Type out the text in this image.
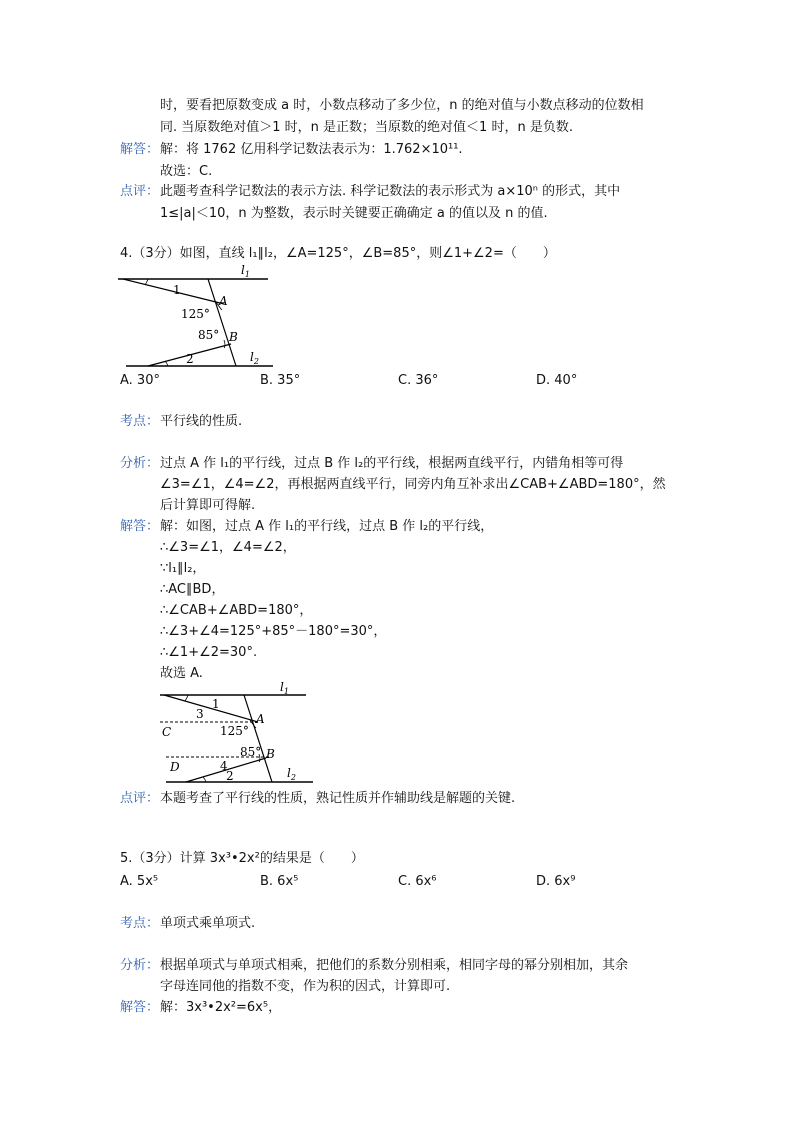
时，要看把原数变成 a 时，小数点移动了多少位，n 的绝对值与小数点移动的位数相
同. 当原数绝对值＞1 时，n 是正数；当原数的绝对值＜1 时，n 是负数.
解答： 解：将 1762 亿用科学记数法表示为：1.762×10¹¹.
故选：C.
点评： 此题考查科学记数法的表示方法. 科学记数法的表示形式为 a×10ⁿ 的形式，其中
1≤|a|＜10，n 为整数，表示时关键要正确确定 a 的值以及 n 的值.
4.（3分）如图，直线 l₁∥l₂，∠A=125°，∠B=85°，则∠1+∠2=（　　）
$l_1$
$l_2$
1
2
A
B
125°
85°
A. 30°	B. 35°	C. 36°	D. 40°
考点： 平行线的性质.
分析： 过点 A 作 l₁的平行线，过点 B 作 l₂的平行线，根据两直线平行，内错角相等可得
∠3=∠1，∠4=∠2，再根据两直线平行，同旁内角互补求出∠CAB+∠ABD=180°，然
后计算即可得解.
解答： 解：如图，过点 A 作 l₁的平行线，过点 B 作 l₂的平行线，
∴∠3=∠1，∠4=∠2，
∵l₁∥l₂，
∴AC∥BD，
∴∠CAB+∠ABD=180°，
∴∠3+∠4=125°+85°－180°=30°，
∴∠1+∠2=30°.
故选 A.
$l_1$
$l_2$
1
3
4
2
A
B
C
D
125°
85°
点评： 本题考查了平行线的性质，熟记性质并作辅助线是解题的关键.
5.（3分）计算 3x³•2x²的结果是（　　）
A. 5x⁵	B. 6x⁵	C. 6x⁶	D. 6x⁹
考点： 单项式乘单项式.
分析： 根据单项式与单项式相乘，把他们的系数分别相乘，相同字母的幂分别相加，其余
字母连同他的指数不变，作为积的因式，计算即可.
解答： 解：3x³•2x²=6x⁵，
